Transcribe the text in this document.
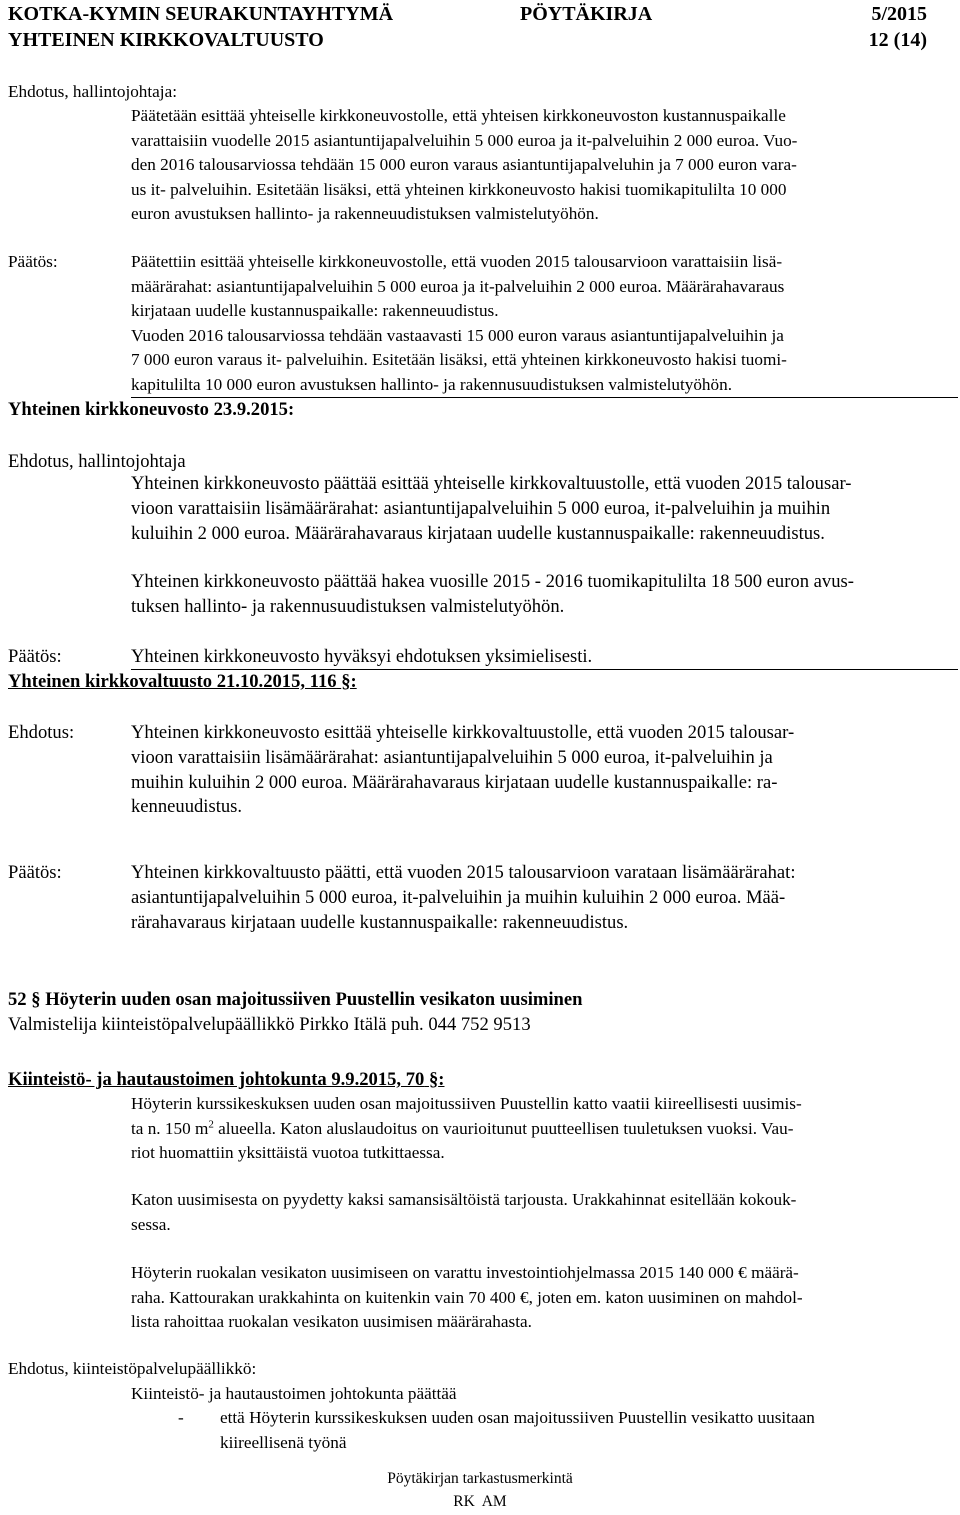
KOTKA-KYMIN SEURAKUNTAYHTYMÄ	PÖYTÄKIRJA	5/2015
YHTEINEN KIRKKOVALTUUSTO	12 (14)
Ehdotus, hallintojohtaja:
Päätetään esittää yhteiselle kirkkoneuvostolle, että yhteisen kirkkoneuvoston kustannuspaikalle
varattaisiin vuodelle 2015 asiantuntijapalveluihin 5 000 euroa ja it-palveluihin 2 000 euroa. Vuo-
den 2016 talousarviossa tehdään 15 000 euron varaus asiantuntijapalveluhin ja 7 000 euron vara-
us it- palveluihin. Esitetään lisäksi, että yhteinen kirkkoneuvosto hakisi tuomikapitulilta 10 000
euron avustuksen hallinto- ja rakenneuudistuksen valmistelutyöhön.
Päätös:	Päätettiin esittää yhteiselle kirkkoneuvostolle, että vuoden 2015 talousarvioon varattaisiin lisä-
määrärahat: asiantuntijapalveluihin 5 000 euroa ja it-palveluihin 2 000 euroa. Määrärahavaraus
kirjataan uudelle kustannuspaikalle: rakenneuudistus.
Vuoden 2016 talousarviossa tehdään vastaavasti 15 000 euron varaus asiantuntijapalveluihin ja
7 000 euron varaus it- palveluihin. Esitetään lisäksi, että yhteinen kirkkoneuvosto hakisi tuomi-
kapitulilta 10 000 euron avustuksen hallinto- ja rakennusuudistuksen valmistelutyöhön.
Yhteinen kirkkoneuvosto 23.9.2015:
Ehdotus, hallintojohtaja
Yhteinen kirkkoneuvosto päättää esittää yhteiselle kirkkovaltuustolle, että vuoden 2015 talousar-
vioon varattaisiin lisämäärärahat: asiantuntijapalveluihin 5 000 euroa, it-palveluihin ja muihin
kuluihin 2 000 euroa. Määrärahavaraus kirjataan uudelle kustannuspaikalle: rakenneuudistus.
Yhteinen kirkkoneuvosto päättää hakea vuosille 2015 - 2016 tuomikapitulilta 18 500 euron avus-
tuksen hallinto- ja rakennusuudistuksen valmistelutyöhön.
Päätös:	Yhteinen kirkkoneuvosto hyväksyi ehdotuksen yksimielisesti.
Yhteinen kirkkovaltuusto 21.10.2015, 116 §:
Ehdotus:	Yhteinen kirkkoneuvosto esittää yhteiselle kirkkovaltuustolle, että vuoden 2015 talousar-
vioon varattaisiin lisämäärärahat: asiantuntijapalveluihin 5 000 euroa, it-palveluihin ja
muihin kuluihin 2 000 euroa. Määrärahavaraus kirjataan uudelle kustannuspaikalle: ra-
kenneuudistus.
Päätös:	Yhteinen kirkkovaltuusto päätti, että vuoden 2015 talousarvioon varataan lisämäärärahat:
asiantuntijapalveluihin 5 000 euroa, it-palveluihin ja muihin kuluihin 2 000 euroa. Mää-
rärahavaraus kirjataan uudelle kustannuspaikalle: rakenneuudistus.
52 § Höyterin uuden osan majoitussiiven Puustellin vesikaton uusiminen
Valmistelija kiinteistöpalvelupäällikkö Pirkko Itälä puh. 044 752 9513
Kiinteistö- ja hautaustoimen johtokunta 9.9.2015, 70 §:
Höyterin kurssikeskuksen uuden osan majoitussiiven Puustellin katto vaatii kiireellisesti uusimis-
ta n. 150 $m^2$ alueella. Katon aluslaudoitus on vaurioitunut puutteellisen tuuletuksen vuoksi. Vau-
riot huomattiin yksittäistä vuotoa tutkittaessa.
Katon uusimisesta on pyydetty kaksi samansisältöistä tarjousta. Urakkahinnat esitellään kokouk-
sessa.
Höyterin ruokalan vesikaton uusimiseen on varattu investointiohjelmassa 2015 140 000 € määrä-
raha. Kattourakan urakkahinta on kuitenkin vain 70 400 €, joten em. katon uusiminen on mahdol-
lista rahoittaa ruokalan vesikaton uusimisen määrärahasta.
Ehdotus, kiinteistöpalvelupäällikkö:
Kiinteistö- ja hautaustoimen johtokunta päättää
- että Höyterin kurssikeskuksen uuden osan majoitussiiven Puustellin vesikatto uusitaan
kiireellisenä työnä
Pöytäkirjan tarkastusmerkintä
RK  AM
